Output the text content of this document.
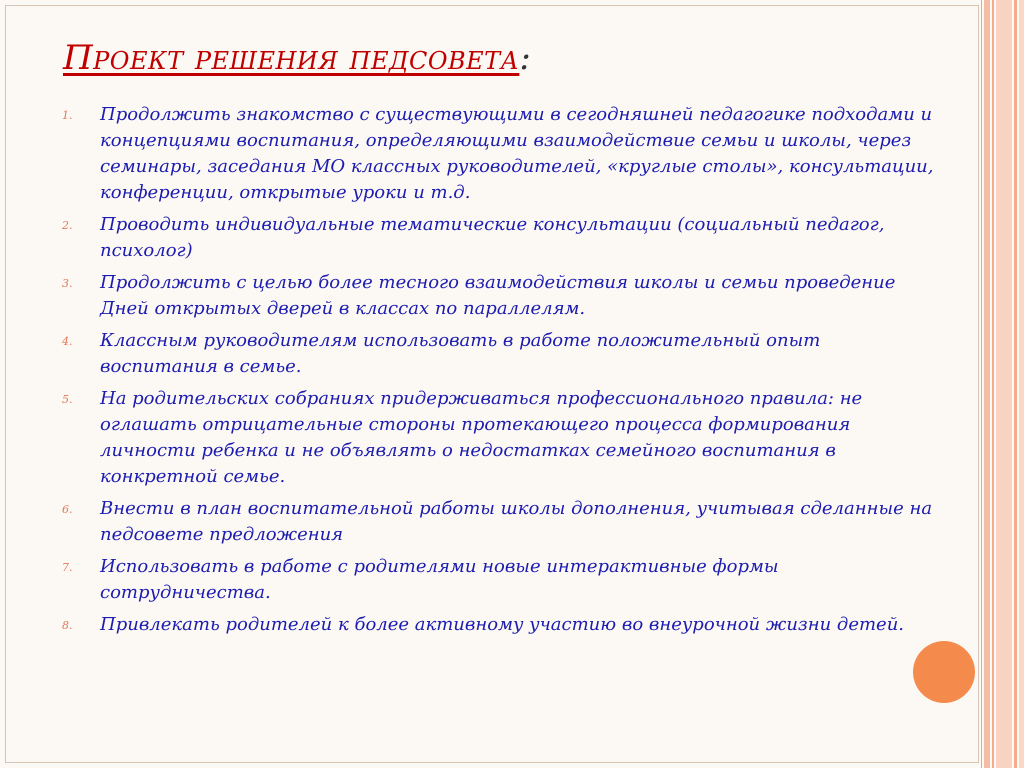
Проект решения педсовета:
1.	Продолжить знакомство с существующими в сегодняшней педагогике подходами и концепциями воспитания, определяющими взаимодействие семьи и школы, через семинары, заседания МО классных руководителей, «круглые столы», консультации, конференции, открытые уроки и т.д.
2.	Проводить индивидуальные тематические консультации (социальный педагог, психолог)
3.	Продолжить с целью более тесного взаимодействия школы и семьи проведение Дней открытых дверей в классах по параллелям.
4.	Классным руководителям использовать в работе положительный опыт воспитания в семье.
5.	На родительских собраниях придерживаться профессионального правила: не оглашать отрицательные стороны протекающего процесса формирования личности ребенка и не объявлять о недостатках семейного воспитания в конкретной семье.
6.	Внести в план воспитательной работы школы дополнения, учитывая сделанные на педсовете предложения
7.	Использовать в работе с родителями новые интерактивные формы сотрудничества.
8.	Привлекать родителей к более активному участию во внеурочной жизни детей.
